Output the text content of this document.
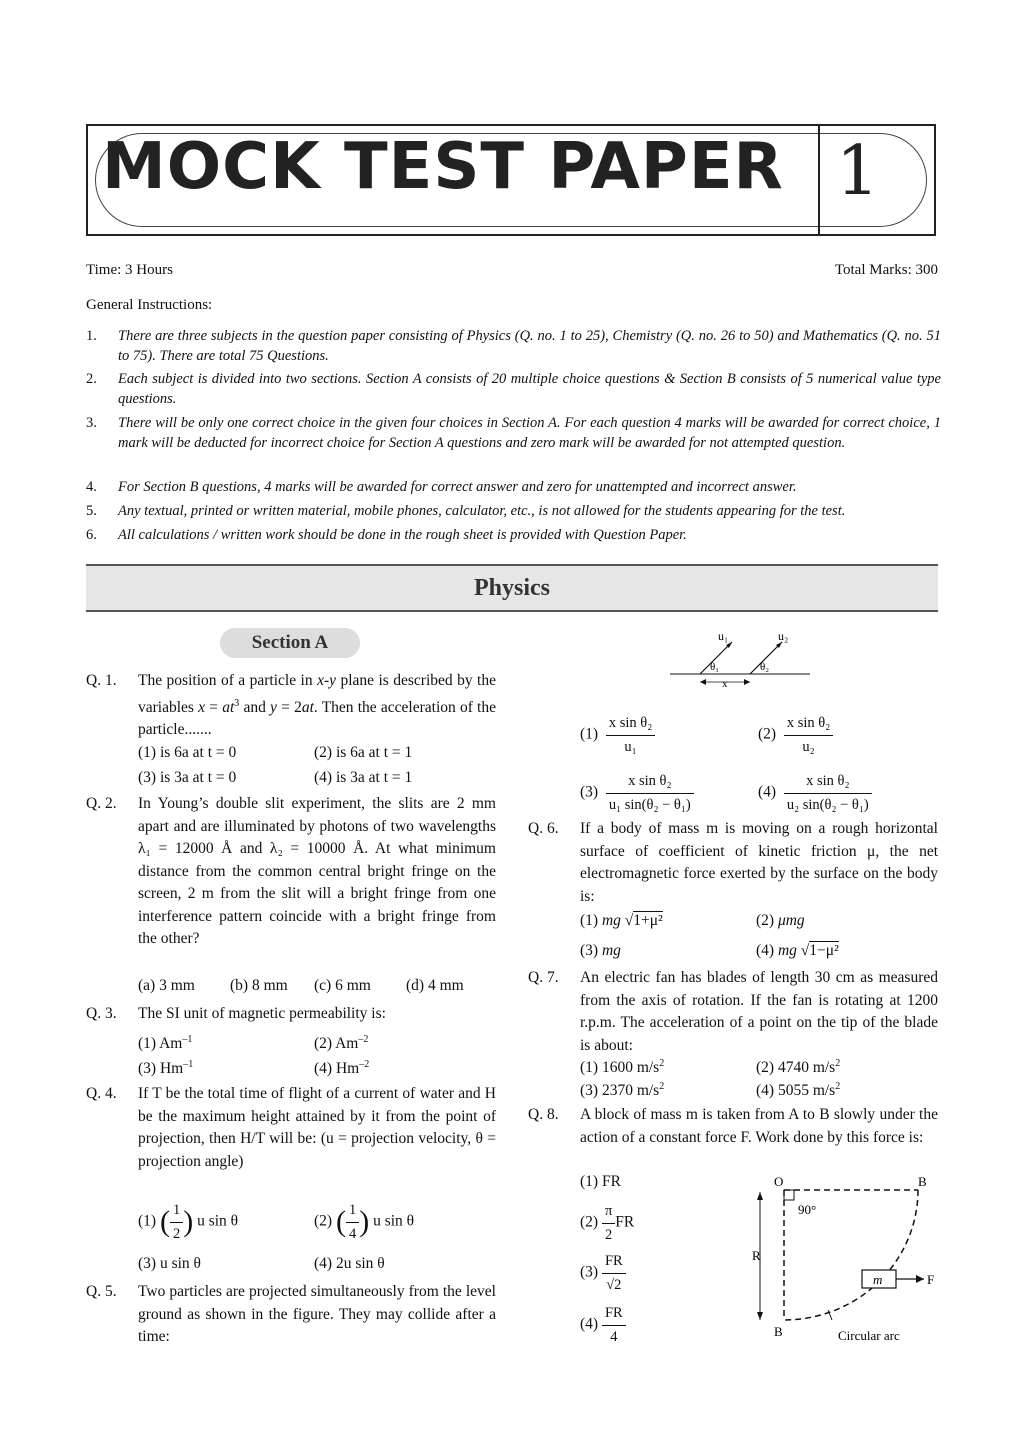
MOCK TEST PAPER 1
Time: 3 Hours	Total Marks: 300
General Instructions:
1. There are three subjects in the question paper consisting of Physics (Q. no. 1 to 25), Chemistry (Q. no. 26 to 50) and Mathematics (Q. no. 51 to 75). There are total 75 Questions.
2. Each subject is divided into two sections. Section A consists of 20 multiple choice questions & Section B consists of 5 numerical value type questions.
3. There will be only one correct choice in the given four choices in Section A. For each question 4 marks will be awarded for correct choice, 1 mark will be deducted for incorrect choice for Section A questions and zero mark will be awarded for not attempted question.
4. For Section B questions, 4 marks will be awarded for correct answer and zero for unattempted and incorrect answer.
5. Any textual, printed or written material, mobile phones, calculator, etc., is not allowed for the students appearing for the test.
6. All calculations / written work should be done in the rough sheet is provided with Question Paper.
Physics
Section A
Q. 1. The position of a particle in x-y plane is described by the variables $x = at^3$ and y = 2at. Then the acceleration of the particle.......
(1) is 6a at t = 0	(2) is 6a at t = 1
(3) is 3a at t = 0	(4) is 3a at t = 1
Q. 2. In Young’s double slit experiment, the slits are 2 mm apart and are illuminated by photons of two wavelengths λ₁ = 12000 Å and λ₂ = 10000 Å. At what minimum distance from the common central bright fringe on the screen, 2 m from the slit will a bright fringe from one interference pattern coincide with a bright fringe from the other?
(a) 3 mm (b) 8 mm (c) 6 mm (d) 4 mm
Q. 3. The SI unit of magnetic permeability is:
(1) $Am^{-1}$	(2) $Am^{-2}$
(3) $Hm^{-1}$	(4) $Hm^{-2}$
Q. 4. If T be the total time of flight of a current of water and H be the maximum height attained by it from the point of projection, then H/T will be: (u = projection velocity, θ = projection angle)
(1) ( $\frac{1}{2}$ ) u sin θ	(2) ( $\frac{1}{4}$ ) u sin θ
(3) u sin θ	(4) 2u sin θ
Q. 5. Two particles are projected simultaneously from the level ground as shown in the figure. They may collide after a time:
u₁	u₂
θ₁	θ₂
x
$(1) \frac{\text{x sin θ₂}}{\text{u₁}}$	$(2) \frac{\text{x sin θ₂}}{\text{u₂}}$
$(3) \frac{\text{x sin θ₂}}{\text{u₁ sin(θ₂ − θ₁)}}$	$(4) \frac{\text{x sin θ₂}}{\text{u₂ sin(θ₂ − θ₁)}}$
Q. 6. If a body of mass m is moving on a rough horizontal surface of coefficient of kinetic friction μ, the net electromagnetic force exerted by the surface on the body is:
(1) mg √1+μ²	(2) μmg
(3) mg	(4) mg √1−μ²
Q. 7. An electric fan has blades of length 30 cm as measured from the axis of rotation. If the fan is rotating at 1200 r.p.m. The acceleration of a point on the tip of the blade is about:
(1) 1600 $m/s^2$	(2) 4740 $m/s^2$
(3) 2370 $m/s^2$	(4) 5055 $m/s^2$
Q. 8. A block of mass m is taken from A to B slowly under the action of a constant force F. Work done by this force is:
(1) FR
$(2) \frac{\pi}{2}$ FR
$(3) \frac{FR}{√2}$
$(4) \frac{FR}{4}$
O	B
90°
R
m	F
B	Circular arc
